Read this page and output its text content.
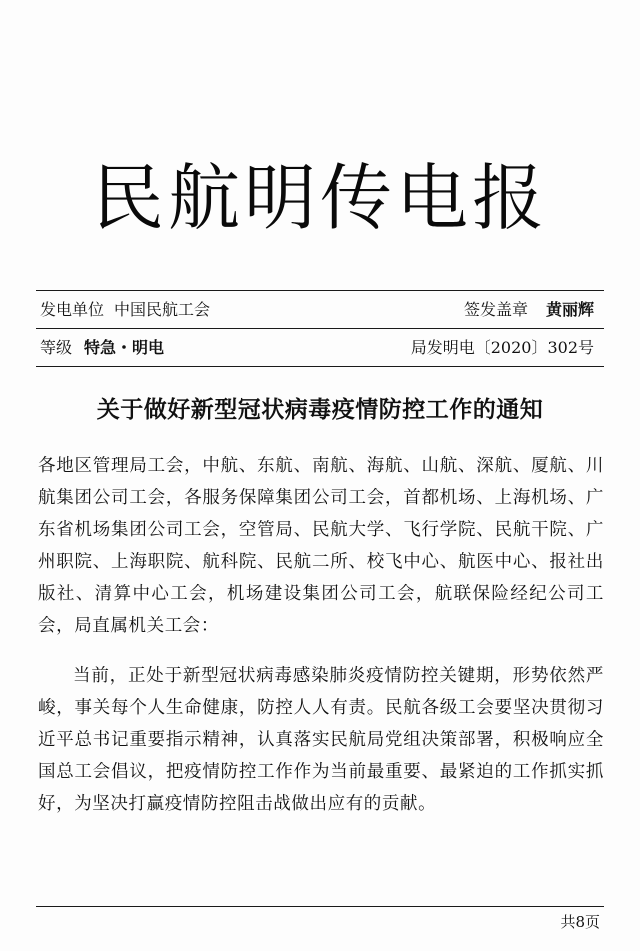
民航明传电报
发电单位 中国民航工会	签发盖章 黄丽辉
等级 特急・明电	局发明电〔2020〕302号
关于做好新型冠状病毒疫情防控工作的通知
各地区管理局工会，中航、东航、南航、海航、山航、深航、厦航、川航集团公司工会，各服务保障集团公司工会，首都机场、上海机场、广东省机场集团公司工会，空管局、民航大学、飞行学院、民航干院、广州职院、上海职院、航科院、民航二所、校飞中心、航医中心、报社出版社、清算中心工会，机场建设集团公司工会，航联保险经纪公司工会，局直属机关工会：
当前，正处于新型冠状病毒感染肺炎疫情防控关键期，形势依然严峻，事关每个人生命健康，防控人人有责。民航各级工会要坚决贯彻习近平总书记重要指示精神，认真落实民航局党组决策部署，积极响应全国总工会倡议，把疫情防控工作作为当前最重要、最紧迫的工作抓实抓好，为坚决打赢疫情防控阻击战做出应有的贡献。
共8页
